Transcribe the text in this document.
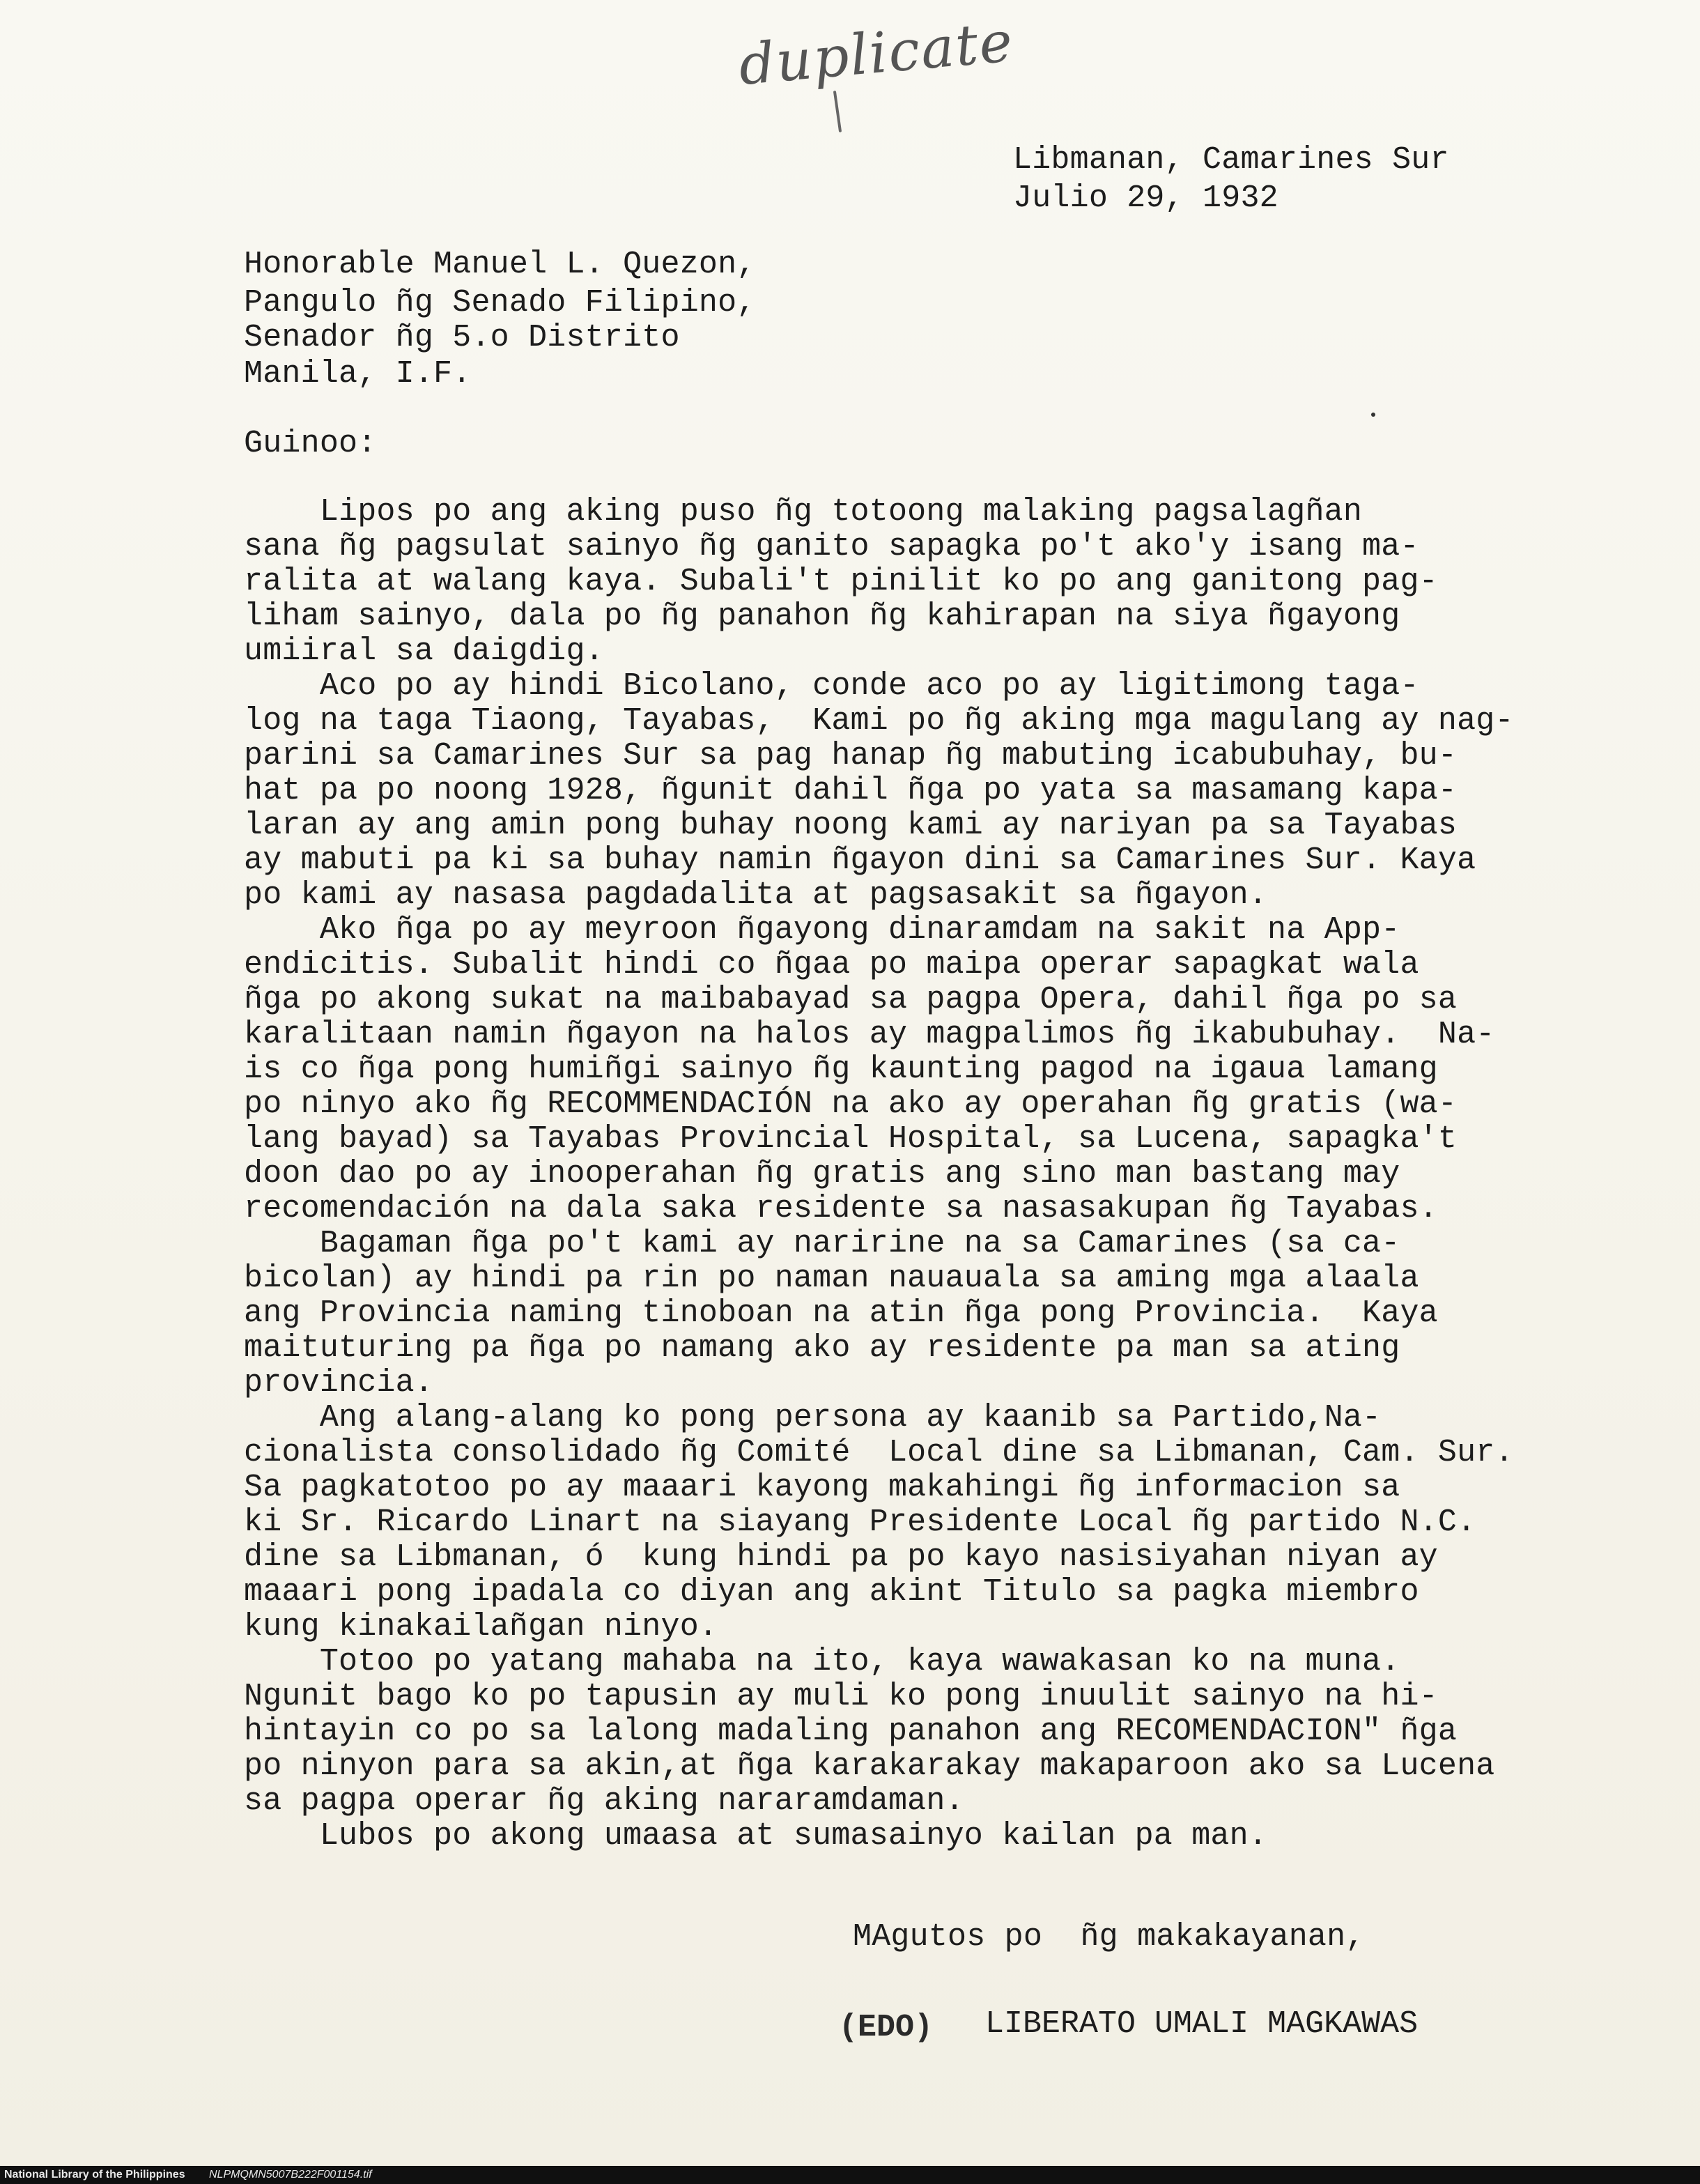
duplicate
Libmanan, Camarines Sur
Julio 29, 1932
Honorable Manuel L. Quezon,
Pangulo ñg Senado Filipino,
Senador ñg 5.o Distrito
Manila, I.F.
Guinoo:
Lipos po ang aking puso ñg totoong malaking pagsalagñan
sana ñg pagsulat sainyo ñg ganito sapagka po't ako'y isang ma-
ralita at walang kaya. Subali't pinilit ko po ang ganitong pag-
liham sainyo, dala po ñg panahon ñg kahirapan na siya ñgayong
umiiral sa daigdig.
Aco po ay hindi Bicolano, conde aco po ay ligitimong taga-
log na taga Tiaong, Tayabas,  Kami po ñg aking mga magulang ay nag-
parini sa Camarines Sur sa pag hanap ñg mabuting icabubuhay, bu-
hat pa po noong 1928, ñgunit dahil ñga po yata sa masamang kapa-
laran ay ang amin pong buhay noong kami ay nariyan pa sa Tayabas
ay mabuti pa ki sa buhay namin ñgayon dini sa Camarines Sur. Kaya
po kami ay nasasa pagdadalita at pagsasakit sa ñgayon.
Ako ñga po ay meyroon ñgayong dinaramdam na sakit na App-
endicitis. Subalit hindi co ñgaa po maipa operar sapagkat wala
ñga po akong sukat na maibabayad sa pagpa Opera, dahil ñga po sa
karalitaan namin ñgayon na halos ay magpalimos ñg ikabubuhay.  Na-
is co ñga pong humiñgi sainyo ñg kaunting pagod na igaua lamang
po ninyo ako ñg RECOMMENDACIÓN na ako ay operahan ñg gratis (wa-
lang bayad) sa Tayabas Provincial Hospital, sa Lucena, sapagka't
doon dao po ay inooperahan ñg gratis ang sino man bastang may
recomendación na dala saka residente sa nasasakupan ñg Tayabas.
Bagaman ñga po't kami ay naririne na sa Camarines (sa ca-
bicolan) ay hindi pa rin po naman nauauala sa aming mga alaala
ang Provincia naming tinoboan na atin ñga pong Provincia.  Kaya
maituturing pa ñga po namang ako ay residente pa man sa ating
provincia.
Ang alang-alang ko pong persona ay kaanib sa Partido,Na-
cionalista consolidado ñg Comité  Local dine sa Libmanan, Cam. Sur.
Sa pagkatotoo po ay maaari kayong makahingi ñg informacion sa
ki Sr. Ricardo Linart na siayang Presidente Local ñg partido N.C.
dine sa Libmanan, ó  kung hindi pa po kayo nasisiyahan niyan ay
maaari pong ipadala co diyan ang akint Titulo sa pagka miembro
kung kinakailañgan ninyo.
Totoo po yatang mahaba na ito, kaya wawakasan ko na muna.
Ngunit bago ko po tapusin ay muli ko pong inuulit sainyo na hi-
hintayin co po sa lalong madaling panahon ang RECOMENDACION" ñga
po ninyon para sa akin,at ñga karakarakay makaparoon ako sa Lucena
sa pagpa operar ñg aking nararamdaman.
Lubos po akong umaasa at sumasainyo kailan pa man.
MAgutos po  ñg makakayanan,
(EDO) LIBERATO UMALI MAGKAWAS
National Library of the Philippines NLPMQMN5007B222F001154.tif
